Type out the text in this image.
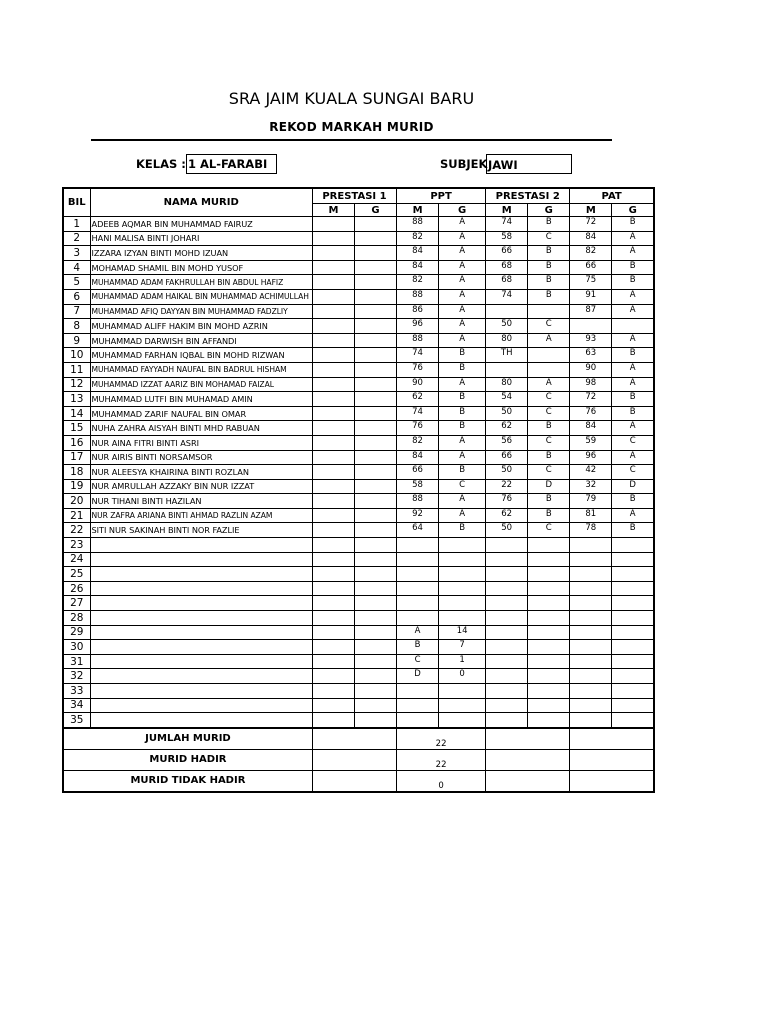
SRA JAIM KUALA SUNGAI BARU
REKOD MARKAH MURID
KELAS : 1 AL-FARABI	SUBJEK JAWI
BIL	NAMA MURID	PRESTASI 1		PPT		PRESTASI 2		PAT	
		M	G	M	G	M	G	M	G
1	ADEEB AQMAR BIN MUHAMMAD FAIRUZ			88	A	74	B	72	B
2	HANI MALISA BINTI JOHARI			82	A	58	C	84	A
3	IZZARA IZYAN BINTI MOHD IZUAN			84	A	66	B	82	A
4	MOHAMAD SHAMIL BIN MOHD YUSOF			84	A	68	B	66	B
5	MUHAMMAD ADAM FAKHRULLAH BIN ABDUL HAFIZ			82	A	68	B	75	B
6	MUHAMMAD ADAM HAIKAL BIN MUHAMMAD ACHIMULLAH			88	A	74	B	91	A
7	MUHAMMAD AFIQ DAYYAN BIN MUHAMMAD FADZLIY			86	A			87	A
8	MUHAMMAD ALIFF HAKIM BIN MOHD AZRIN			96	A	50	C		
9	MUHAMMAD DARWISH BIN AFFANDI			88	A	80	A	93	A
10	MUHAMMAD FARHAN IQBAL BIN MOHD RIZWAN			74	B	TH		63	B
11	MUHAMMAD FAYYADH NAUFAL BIN BADRUL HISHAM			76	B			90	A
12	MUHAMMAD IZZAT AARIZ BIN MOHAMAD FAIZAL			90	A	80	A	98	A
13	MUHAMMAD LUTFI BIN MUHAMAD AMIN			62	B	54	C	72	B
14	MUHAMMAD ZARIF NAUFAL BIN OMAR			74	B	50	C	76	B
15	NUHA ZAHRA AISYAH BINTI MHD RABUAN			76	B	62	B	84	A
16	NUR AINA FITRI BINTI ASRI			82	A	56	C	59	C
17	NUR AIRIS BINTI NORSAMSOR			84	A	66	B	96	A
18	NUR ALEESYA KHAIRINA BINTI ROZLAN			66	B	50	C	42	C
19	NUR AMRULLAH AZZAKY BIN NUR IZZAT			58	C	22	D	32	D
20	NUR TIHANI BINTI HAZILAN			88	A	76	B	79	B
21	NUR ZAFRA ARIANA BINTI AHMAD RAZLIN AZAM			92	A	62	B	81	A
22	SITI NUR SAKINAH BINTI NOR FAZLIE			64	B	50	C	78	B
23									
24									
25									
26									
27									
28									
29				A	14				
30				B	7				
31				C	1				
32				D	0				
33									
34									
35									
JUMLAH MURID				22					
MURID HADIR				22					
MURID TIDAK HADIR				0					
